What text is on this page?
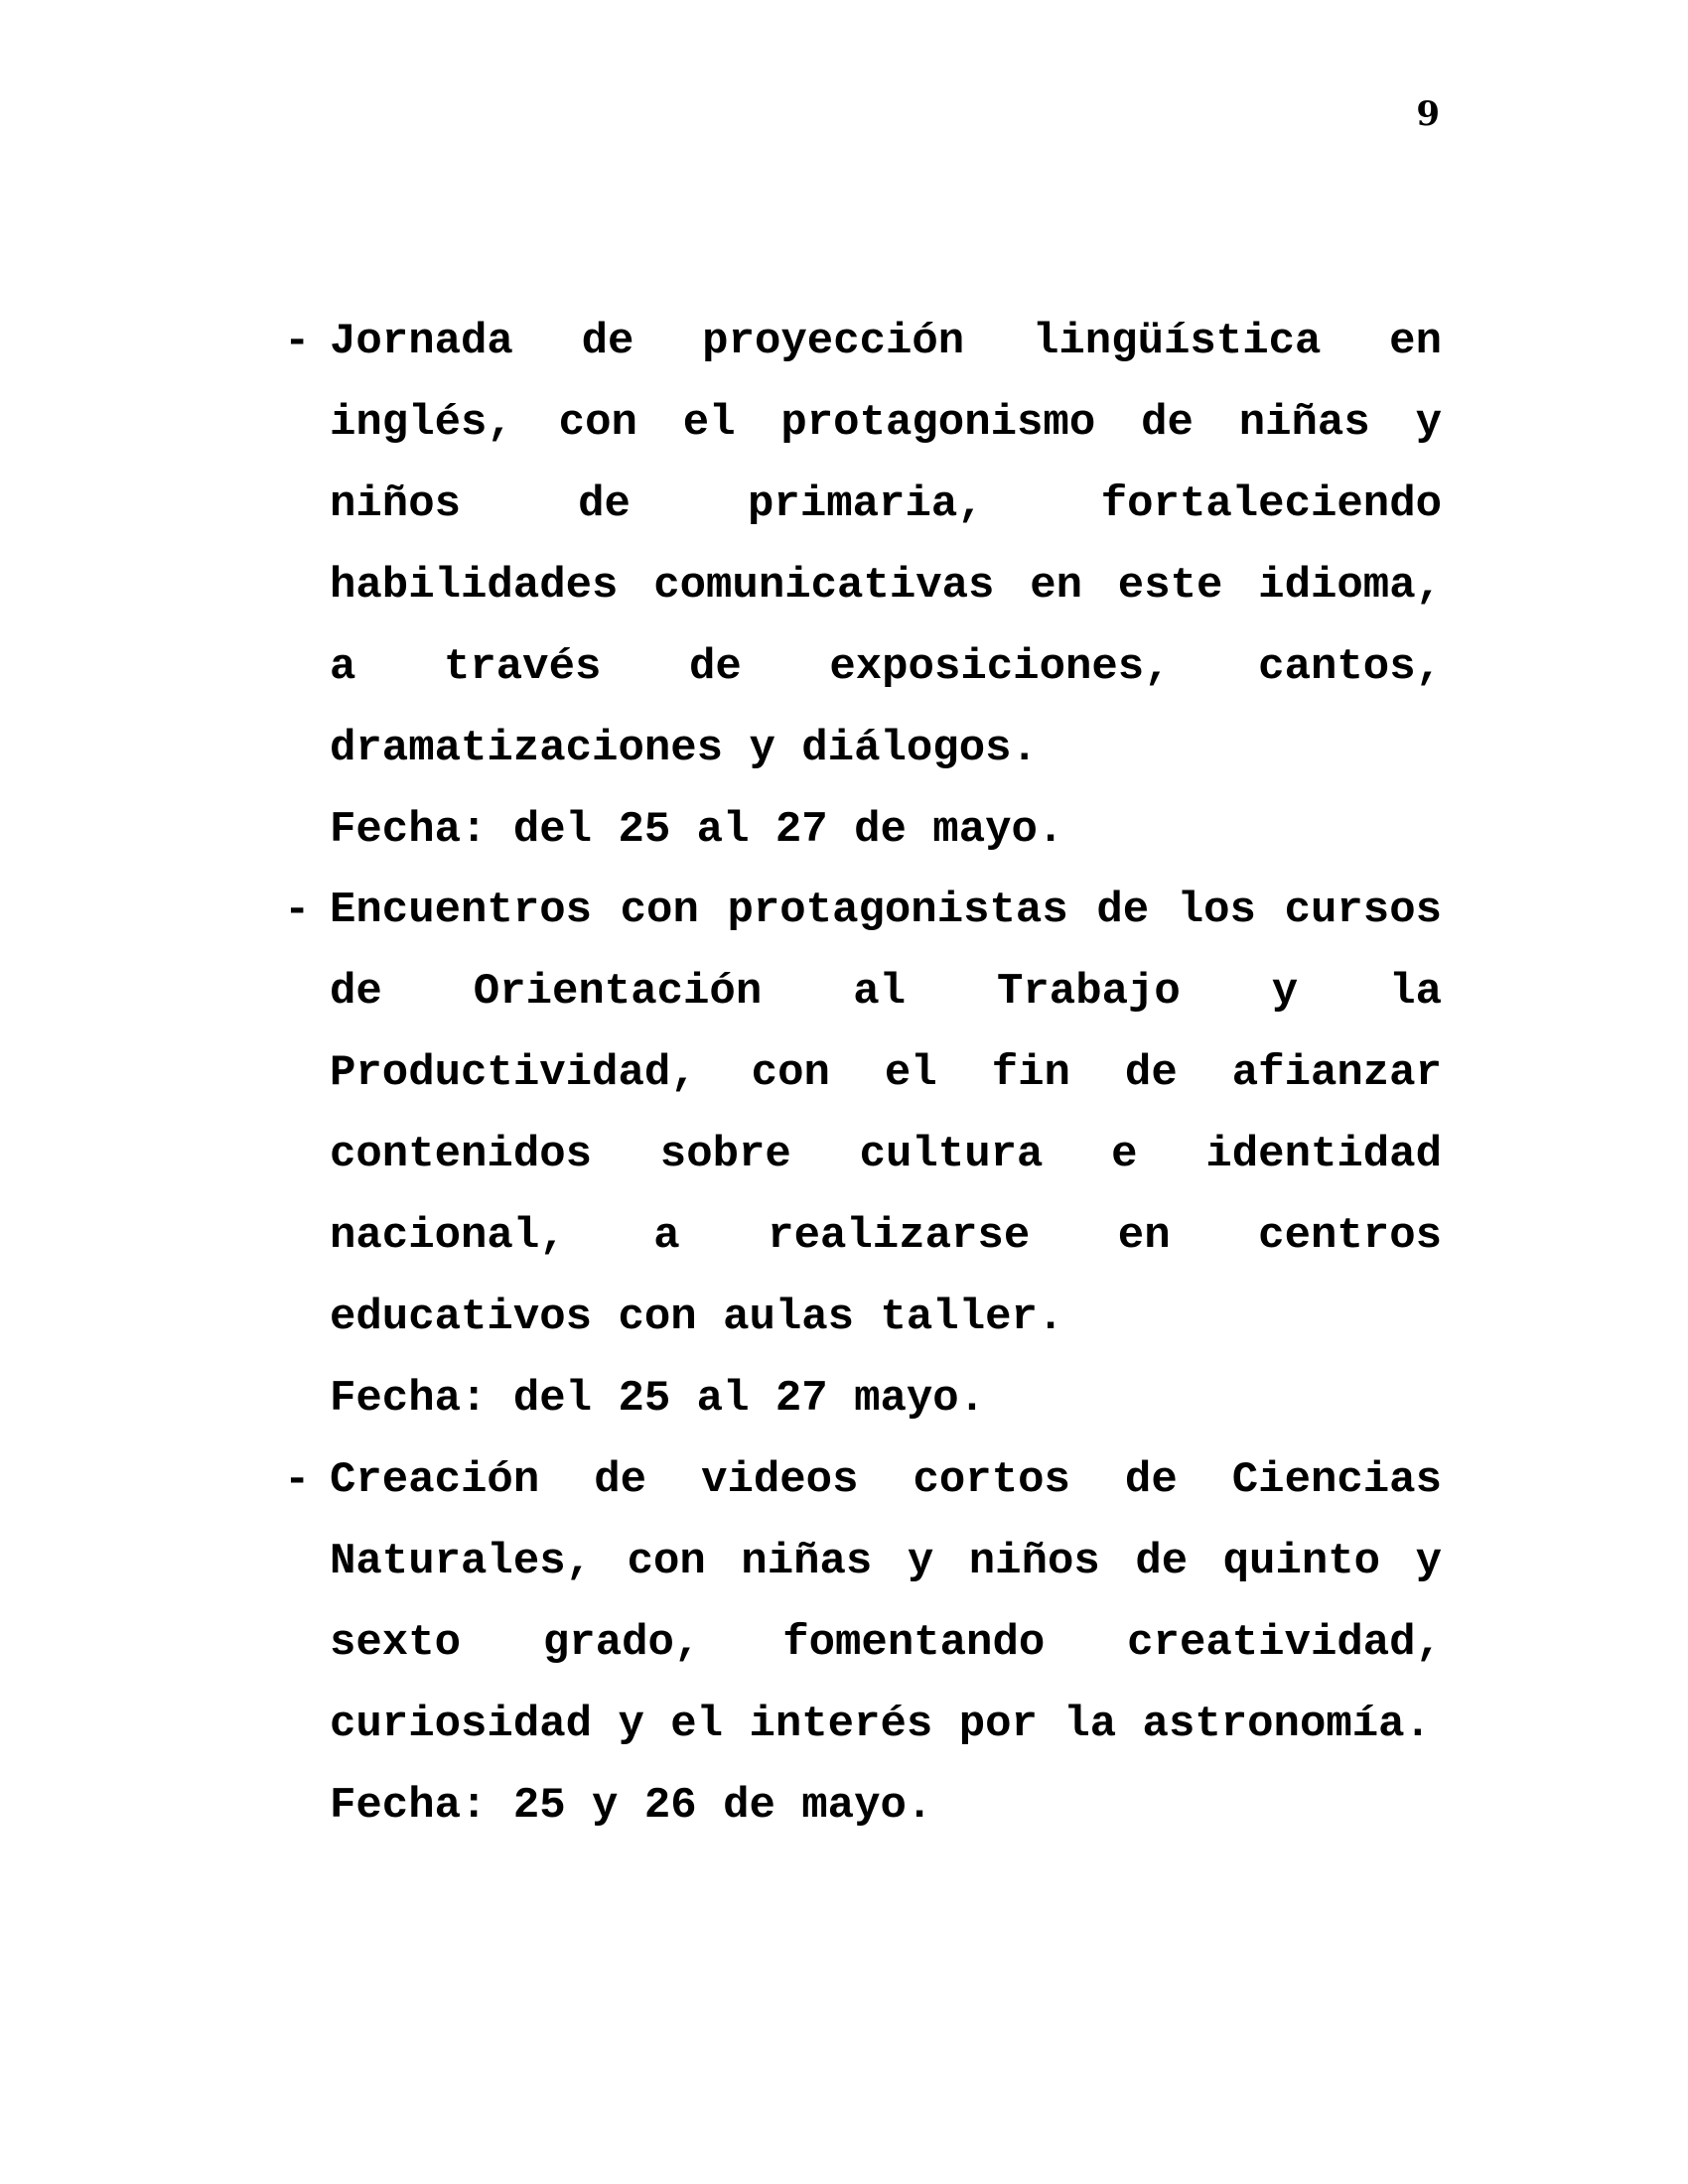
9
- Jornada de proyección lingüística en inglés, con el protagonismo de niñas y niños de primaria, fortaleciendo habilidades comunicativas en este idioma, a través de exposiciones, cantos, dramatizaciones y diálogos.
Fecha: del 25 al 27 de mayo.
- Encuentros con protagonistas de los cursos de Orientación al Trabajo y la Productividad, con el fin de afianzar contenidos sobre cultura e identidad nacional, a realizarse en centros educativos con aulas taller.
Fecha: del 25 al 27 mayo.
- Creación de videos cortos de Ciencias Naturales, con niñas y niños de quinto y sexto grado, fomentando creatividad, curiosidad y el interés por la astronomía.
Fecha: 25 y 26 de mayo.
